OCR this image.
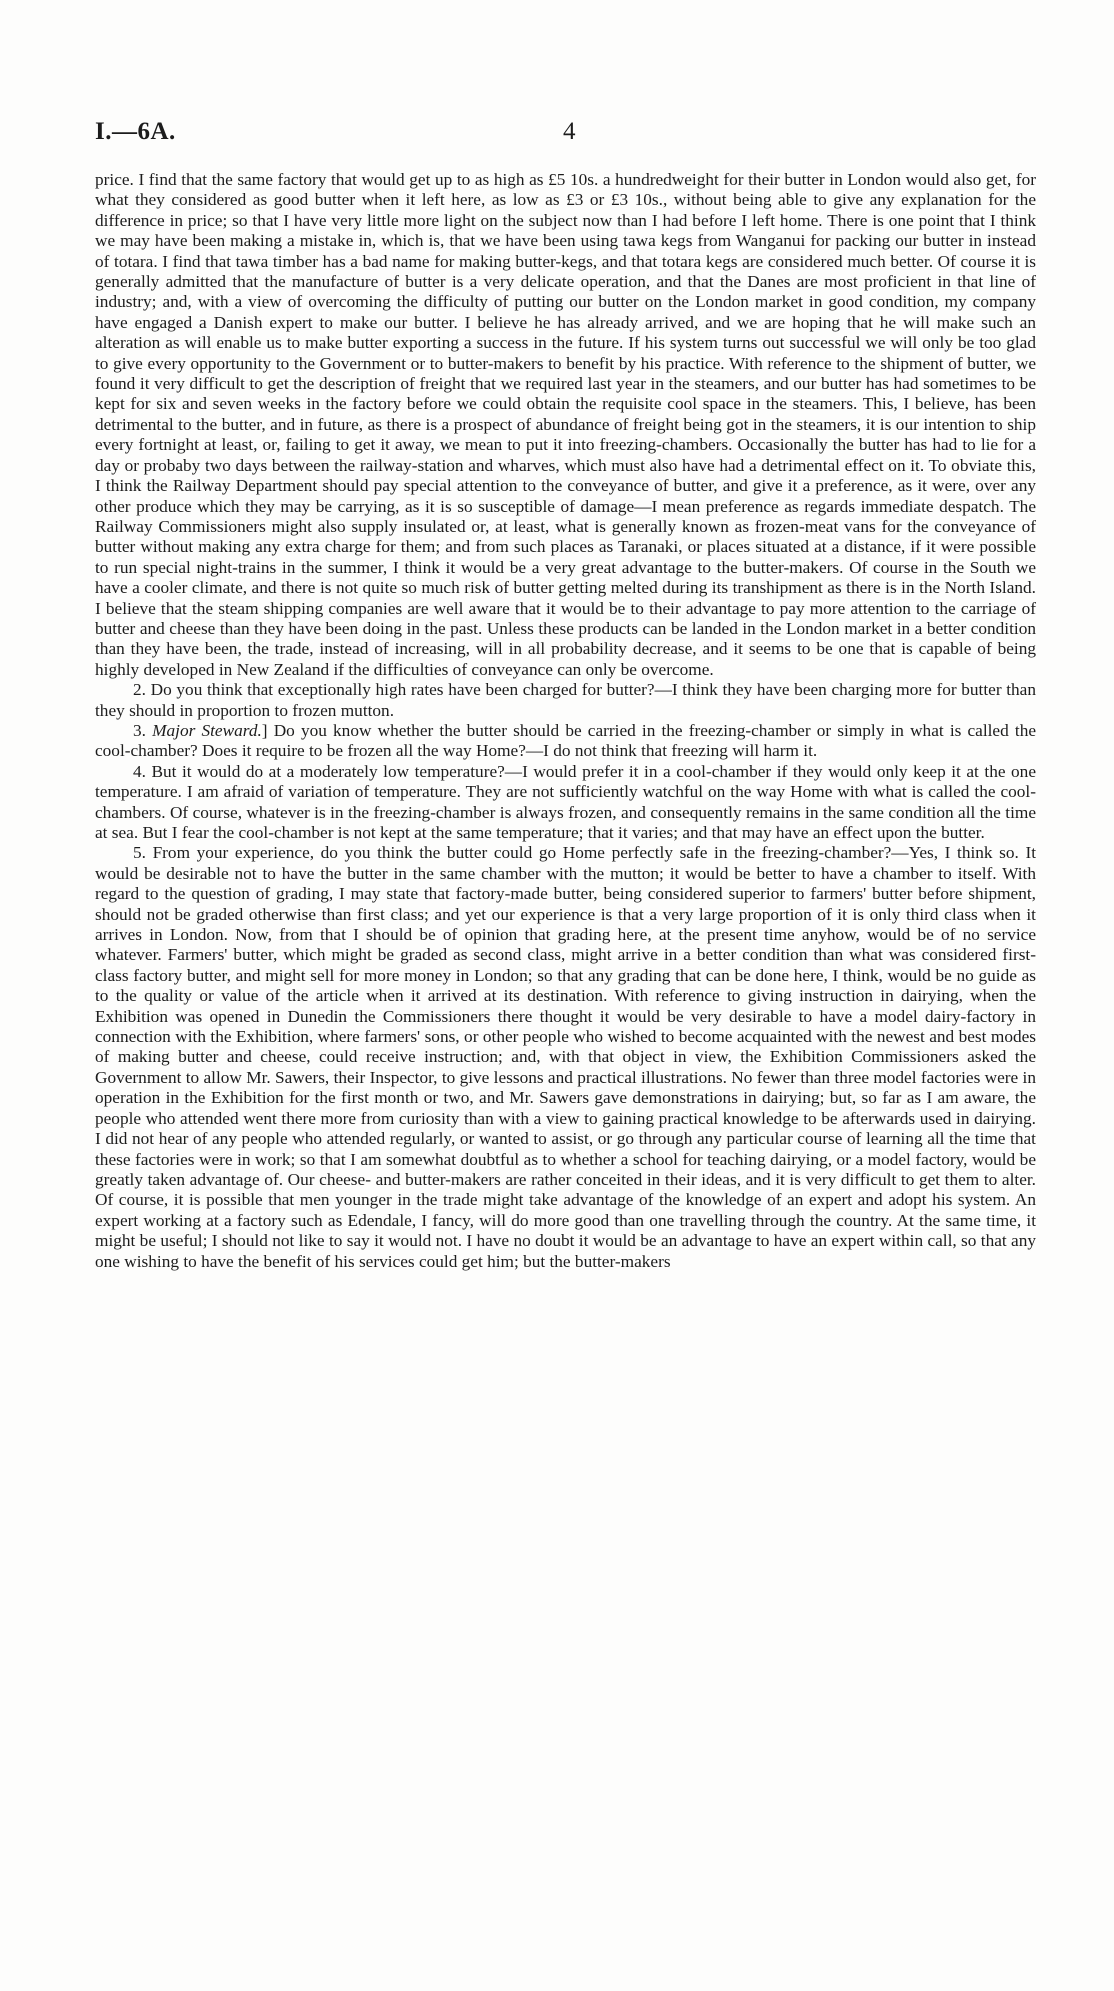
I.—6A.	4

price. I find that the same factory that would get up to as high as £5 10s. a hundredweight for their butter in London would also get, for what they considered as good butter when it left here, as low as £3 or £3 10s., without being able to give any explanation for the difference in price; so that I have very little more light on the subject now than I had before I left home. There is one point that I think we may have been making a mistake in, which is, that we have been using tawa kegs from Wanganui for packing our butter in instead of totara. I find that tawa timber has a bad name for making butter-kegs, and that totara kegs are considered much better. Of course it is generally admitted that the manufacture of butter is a very delicate operation, and that the Danes are most proficient in that line of industry; and, with a view of overcoming the difficulty of putting our butter on the London market in good condition, my company have engaged a Danish expert to make our butter. I believe he has already arrived, and we are hoping that he will make such an alteration as will enable us to make butter exporting a success in the future. If his system turns out successful we will only be too glad to give every opportunity to the Government or to butter-makers to benefit by his practice. With reference to the shipment of butter, we found it very difficult to get the description of freight that we required last year in the steamers, and our butter has had sometimes to be kept for six and seven weeks in the factory before we could obtain the requisite cool space in the steamers. This, I believe, has been detrimental to the butter, and in future, as there is a prospect of abundance of freight being got in the steamers, it is our intention to ship every fortnight at least, or, failing to get it away, we mean to put it into freezing-chambers. Occasionally the butter has had to lie for a day or probaby two days between the railway-station and wharves, which must also have had a detrimental effect on it. To obviate this, I think the Railway Department should pay special attention to the conveyance of butter, and give it a preference, as it were, over any other produce which they may be carrying, as it is so susceptible of damage—I mean preference as regards immediate despatch. The Railway Commissioners might also supply insulated or, at least, what is generally known as frozen-meat vans for the conveyance of butter without making any extra charge for them; and from such places as Taranaki, or places situated at a distance, if it were possible to run special night-trains in the summer, I think it would be a very great advantage to the butter-makers. Of course in the South we have a cooler climate, and there is not quite so much risk of butter getting melted during its transhipment as there is in the North Island. I believe that the steam shipping companies are well aware that it would be to their advantage to pay more attention to the carriage of butter and cheese than they have been doing in the past. Unless these products can be landed in the London market in a better condition than they have been, the trade, instead of increasing, will in all probability decrease, and it seems to be one that is capable of being highly developed in New Zealand if the difficulties of conveyance can only be overcome.

2. Do you think that exceptionally high rates have been charged for butter?—I think they have been charging more for butter than they should in proportion to frozen mutton.

3. Major Steward.] Do you know whether the butter should be carried in the freezing-chamber or simply in what is called the cool-chamber? Does it require to be frozen all the way Home?—I do not think that freezing will harm it.

4. But it would do at a moderately low temperature?—I would prefer it in a cool-chamber if they would only keep it at the one temperature. I am afraid of variation of temperature. They are not sufficiently watchful on the way Home with what is called the cool-chambers. Of course, whatever is in the freezing-chamber is always frozen, and consequently remains in the same condition all the time at sea. But I fear the cool-chamber is not kept at the same temperature; that it varies; and that may have an effect upon the butter.

5. From your experience, do you think the butter could go Home perfectly safe in the freezing-chamber?—Yes, I think so. It would be desirable not to have the butter in the same chamber with the mutton; it would be better to have a chamber to itself. With regard to the question of grading, I may state that factory-made butter, being considered superior to farmers' butter before shipment, should not be graded otherwise than first class; and yet our experience is that a very large proportion of it is only third class when it arrives in London. Now, from that I should be of opinion that grading here, at the present time anyhow, would be of no service whatever. Farmers' butter, which might be graded as second class, might arrive in a better condition than what was considered first-class factory butter, and might sell for more money in London; so that any grading that can be done here, I think, would be no guide as to the quality or value of the article when it arrived at its destination. With reference to giving instruction in dairying, when the Exhibition was opened in Dunedin the Commissioners there thought it would be very desirable to have a model dairy-factory in connection with the Exhibition, where farmers' sons, or other people who wished to become acquainted with the newest and best modes of making butter and cheese, could receive instruction; and, with that object in view, the Exhibition Commissioners asked the Government to allow Mr. Sawers, their Inspector, to give lessons and practical illustrations. No fewer than three model factories were in operation in the Exhibition for the first month or two, and Mr. Sawers gave demonstrations in dairying; but, so far as I am aware, the people who attended went there more from curiosity than with a view to gaining practical knowledge to be afterwards used in dairying. I did not hear of any people who attended regularly, or wanted to assist, or go through any particular course of learning all the time that these factories were in work; so that I am somewhat doubtful as to whether a school for teaching dairying, or a model factory, would be greatly taken advantage of. Our cheese- and butter-makers are rather conceited in their ideas, and it is very difficult to get them to alter. Of course, it is possible that men younger in the trade might take advantage of the knowledge of an expert and adopt his system. An expert working at a factory such as Edendale, I fancy, will do more good than one travelling through the country. At the same time, it might be useful; I should not like to say it would not. I have no doubt it would be an advantage to have an expert within call, so that any one wishing to have the benefit of his services could get him; but the butter-makers
